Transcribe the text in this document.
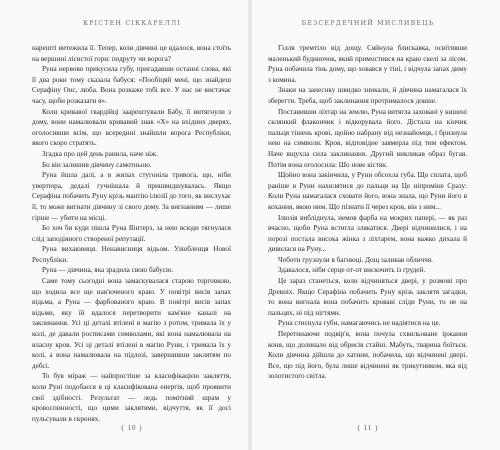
КРІСТЕН СІККАРЕЛЛІ

нарешті витежила її. Тепер, коли дівчині це вдалося, вона стоїть на вершині лісистої гори: подруту чи ворога?

Руна нервово прикусила губу, пригадавши останні слова, які її два роки тому сказала бабуся: «Пообіцяй мені, що знайдеш Серафіну Онс, люба. Вона розкаже тобі все. У нас не вистачає часу, щоби розказати я».

Коли кривавої гвардійці заарештували Бабу, її витягнули з дому, вони намалювали кривавий знак «Х» на вхідних дверях, оголосивши всім, що всередині знайшли ворога Республіки, якого скоро стратять.

Згадка про цей день ранила, наче ніж.

Бо він залишив дівчину самотньою.

Руна йшла далі, а в жилах стугоніла тривога, що, ніби увертюра, дедалі гучнішала й пришвидшувалась. Якщо Серафіна побачить Руну крізь мантію ілюзії до того, як вислухає її, то може вигнати дівчину зі свого дому. За вигнанням — лише гірше — убити на місці.

Бо хоч би куди пішла Руна Вінтерз, за нею всюди тягнулася слід заподіяного створеної репутації.

Руна вихаювиця. Ненависниця відьом. Улюбленця Нової Республіки.

Руна — дівчина, яка зрадила свою бабусю.

Саме тому сьогодні вона замаскувалася старою торговкою, що ходила все ще нав'юченого краю. У повітрі висів запах відьма, а Руна — фарбованого краю. В повітрі висів запах відьми, яку їй вдалося перетворити кам'яне каналі на заклинання. Усі ці деталі втілені в магію з ротом, тримала їх у колі, де давали росписами символами, які вона намалювала на власну кров. Усі ці деталі втілені в магію Руни, і тримала їх у колі, а вона намалювала на підлозі, завершивши заклятям по дебсі.

То був міраж — найпростіше за класифікацією закляття, коли Руні подобаєся в ці класифікована енергія, щоб проявити свої здібності. Результат — ледь помітний шрам у кровоспинності, що цими заклятями, відчуття, як її досі пульсували в скронях.

( 10 )
БЕЗСЕРДЕЧНИЙ МИСЛИВЕЦЬ

Гілля тремтіло від дощу. Сяйнула блискавка, освітивши маленький будиночок, який примостився на краю скелі за лісом. Руна побачила тінь дому, що ховався у тіні, і відчула запах диму з комина.

Знаки на занеснку швидко зникали, й дівчина намагалася їх зберегти. Треба, щоб заклинання протрималося довше.

Поставивши ліхтар на землю, Руна витягла заховані у кишені склянкий флакончик і відкорувала його. Дістала на кінчик пальця тішень крові, щойно набрану від незнайомця, і бризнула нею на символи. Кров, відповідне завмерла під тим ефектом. Наче вщухла сила заклинання. Другий викликав образ бугая. Потім вона оголосила: Шо нове кістяк.

Щойно вона закінчила, у Руни обсохла губа. Що сплата, щоб раніше в Руни нахилятися до пальця на Це ніпроміне Сразу: Коли Руна намагалася сховати його, вона знала, що Руни його в кохання, якою ним. Що пізнати її через кров, він з ним...

Ілюзія вибліднула, немов фарба на мокрих папері, — як раз вчасно, щоби Руна встигла злякатися. Двері відчинилися, і на порозі постала висока жінка з ліхтарем, вона важко дихала й дивилася на Руну...

Чоботи грузнули в багнюці. Дощ заливав обличчя.

Здавалося, ніби серце от-от вискочить із грудей.

Це зараз станеться, коли відчиняться двері, у розмові про Древніх. Якщо Серафіна побачить Руну крізь заклятя загадки, то вона вигнала вона побачить кроваві сліди Руни, то не на пальцях, ні під нігтями.

Руна стиснула губи, намагаючись не надіятися на це.

Перетинаючи подвір'я, вона почула схвильоване іржання коня, що долинало від обрисів стайні. Мабуть, тварина боїться. Коли дівчина дійшла до хатини, побачила, що відчинені двері. Все, що під його, була лише відчинені як трикутником, яка від золотистого світла.

( 11 )
